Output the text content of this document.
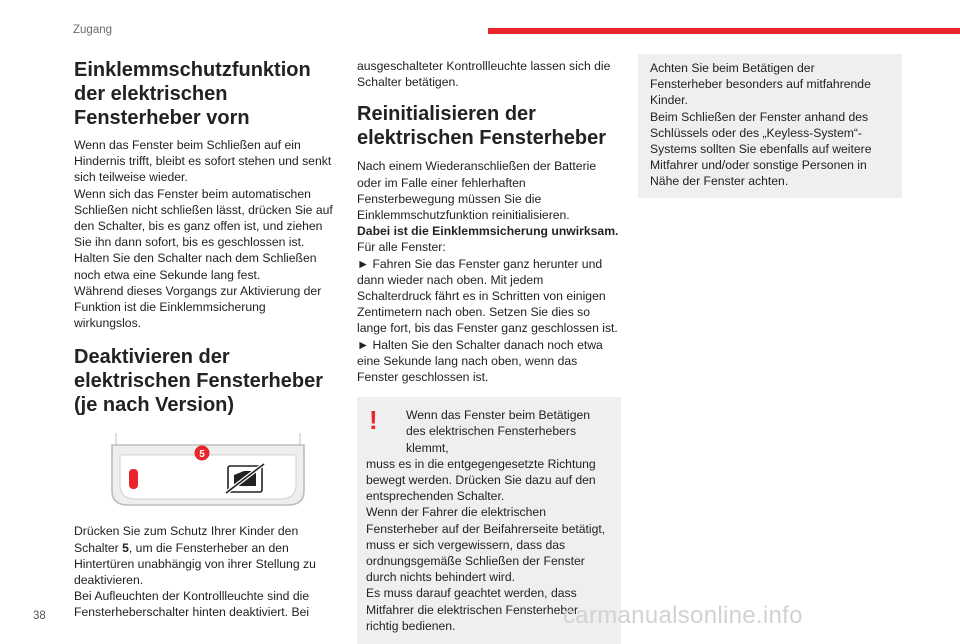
Zugang
Einklemmschutzfunktion der elektrischen Fensterheber vorn

Wenn das Fenster beim Schließen auf ein Hindernis trifft, bleibt es sofort stehen und senkt sich teilweise wieder.

Wenn sich das Fenster beim automatischen Schließen nicht schließen lässt, drücken Sie auf den Schalter, bis es ganz offen ist, und ziehen Sie ihn dann sofort, bis es geschlossen ist.

Halten Sie den Schalter nach dem Schließen noch etwa eine Sekunde lang fest.

Während dieses Vorgangs zur Aktivierung der Funktion ist die Einklemmsicherung wirkungslos.

Deaktivieren der elektrischen Fensterheber (je nach Version)
5

Drücken Sie zum Schutz Ihrer Kinder den Schalter 5, um die Fensterheber an den Hintertüren unabhängig von ihrer Stellung zu deaktivieren.

Bei Aufleuchten der Kontrollleuchte sind die Fensterheberschalter hinten deaktiviert. Bei

ausgeschalteter Kontrollleuchte lassen sich die Schalter betätigen.

Reinitialisieren der elektrischen Fensterheber

Nach einem Wiederanschließen der Batterie oder im Falle einer fehlerhaften Fensterbewegung müssen Sie die Einklemmschutzfunktion reinitialisieren.

Dabei ist die Einklemmsicherung unwirksam.

Für alle Fenster:

► Fahren Sie das Fenster ganz herunter und dann wieder nach oben. Mit jedem Schalterdruck fährt es in Schritten von einigen Zentimetern nach oben. Setzen Sie dies so lange fort, bis das Fenster ganz geschlossen ist.

► Halten Sie den Schalter danach noch etwa eine Sekunde lang nach oben, wenn das Fenster geschlossen ist.

!	Wenn das Fenster beim Betätigen des elektrischen Fensterhebers klemmt,

muss es in die entgegengesetzte Richtung bewegt werden. Drücken Sie dazu auf den entsprechenden Schalter.

Wenn der Fahrer die elektrischen Fensterheber auf der Beifahrerseite betätigt, muss er sich vergewissern, dass das ordnungsgemäße Schließen der Fenster durch nichts behindert wird.

Es muss darauf geachtet werden, dass Mitfahrer die elektrischen Fensterheber richtig bedienen.

Achten Sie beim Betätigen der Fensterheber besonders auf mitfahrende Kinder.

Beim Schließen der Fenster anhand des Schlüssels oder des „Keyless-System“-Systems sollten Sie ebenfalls auf weitere Mitfahrer und/oder sonstige Personen in Nähe der Fenster achten.

38	carmanualsonline.info
